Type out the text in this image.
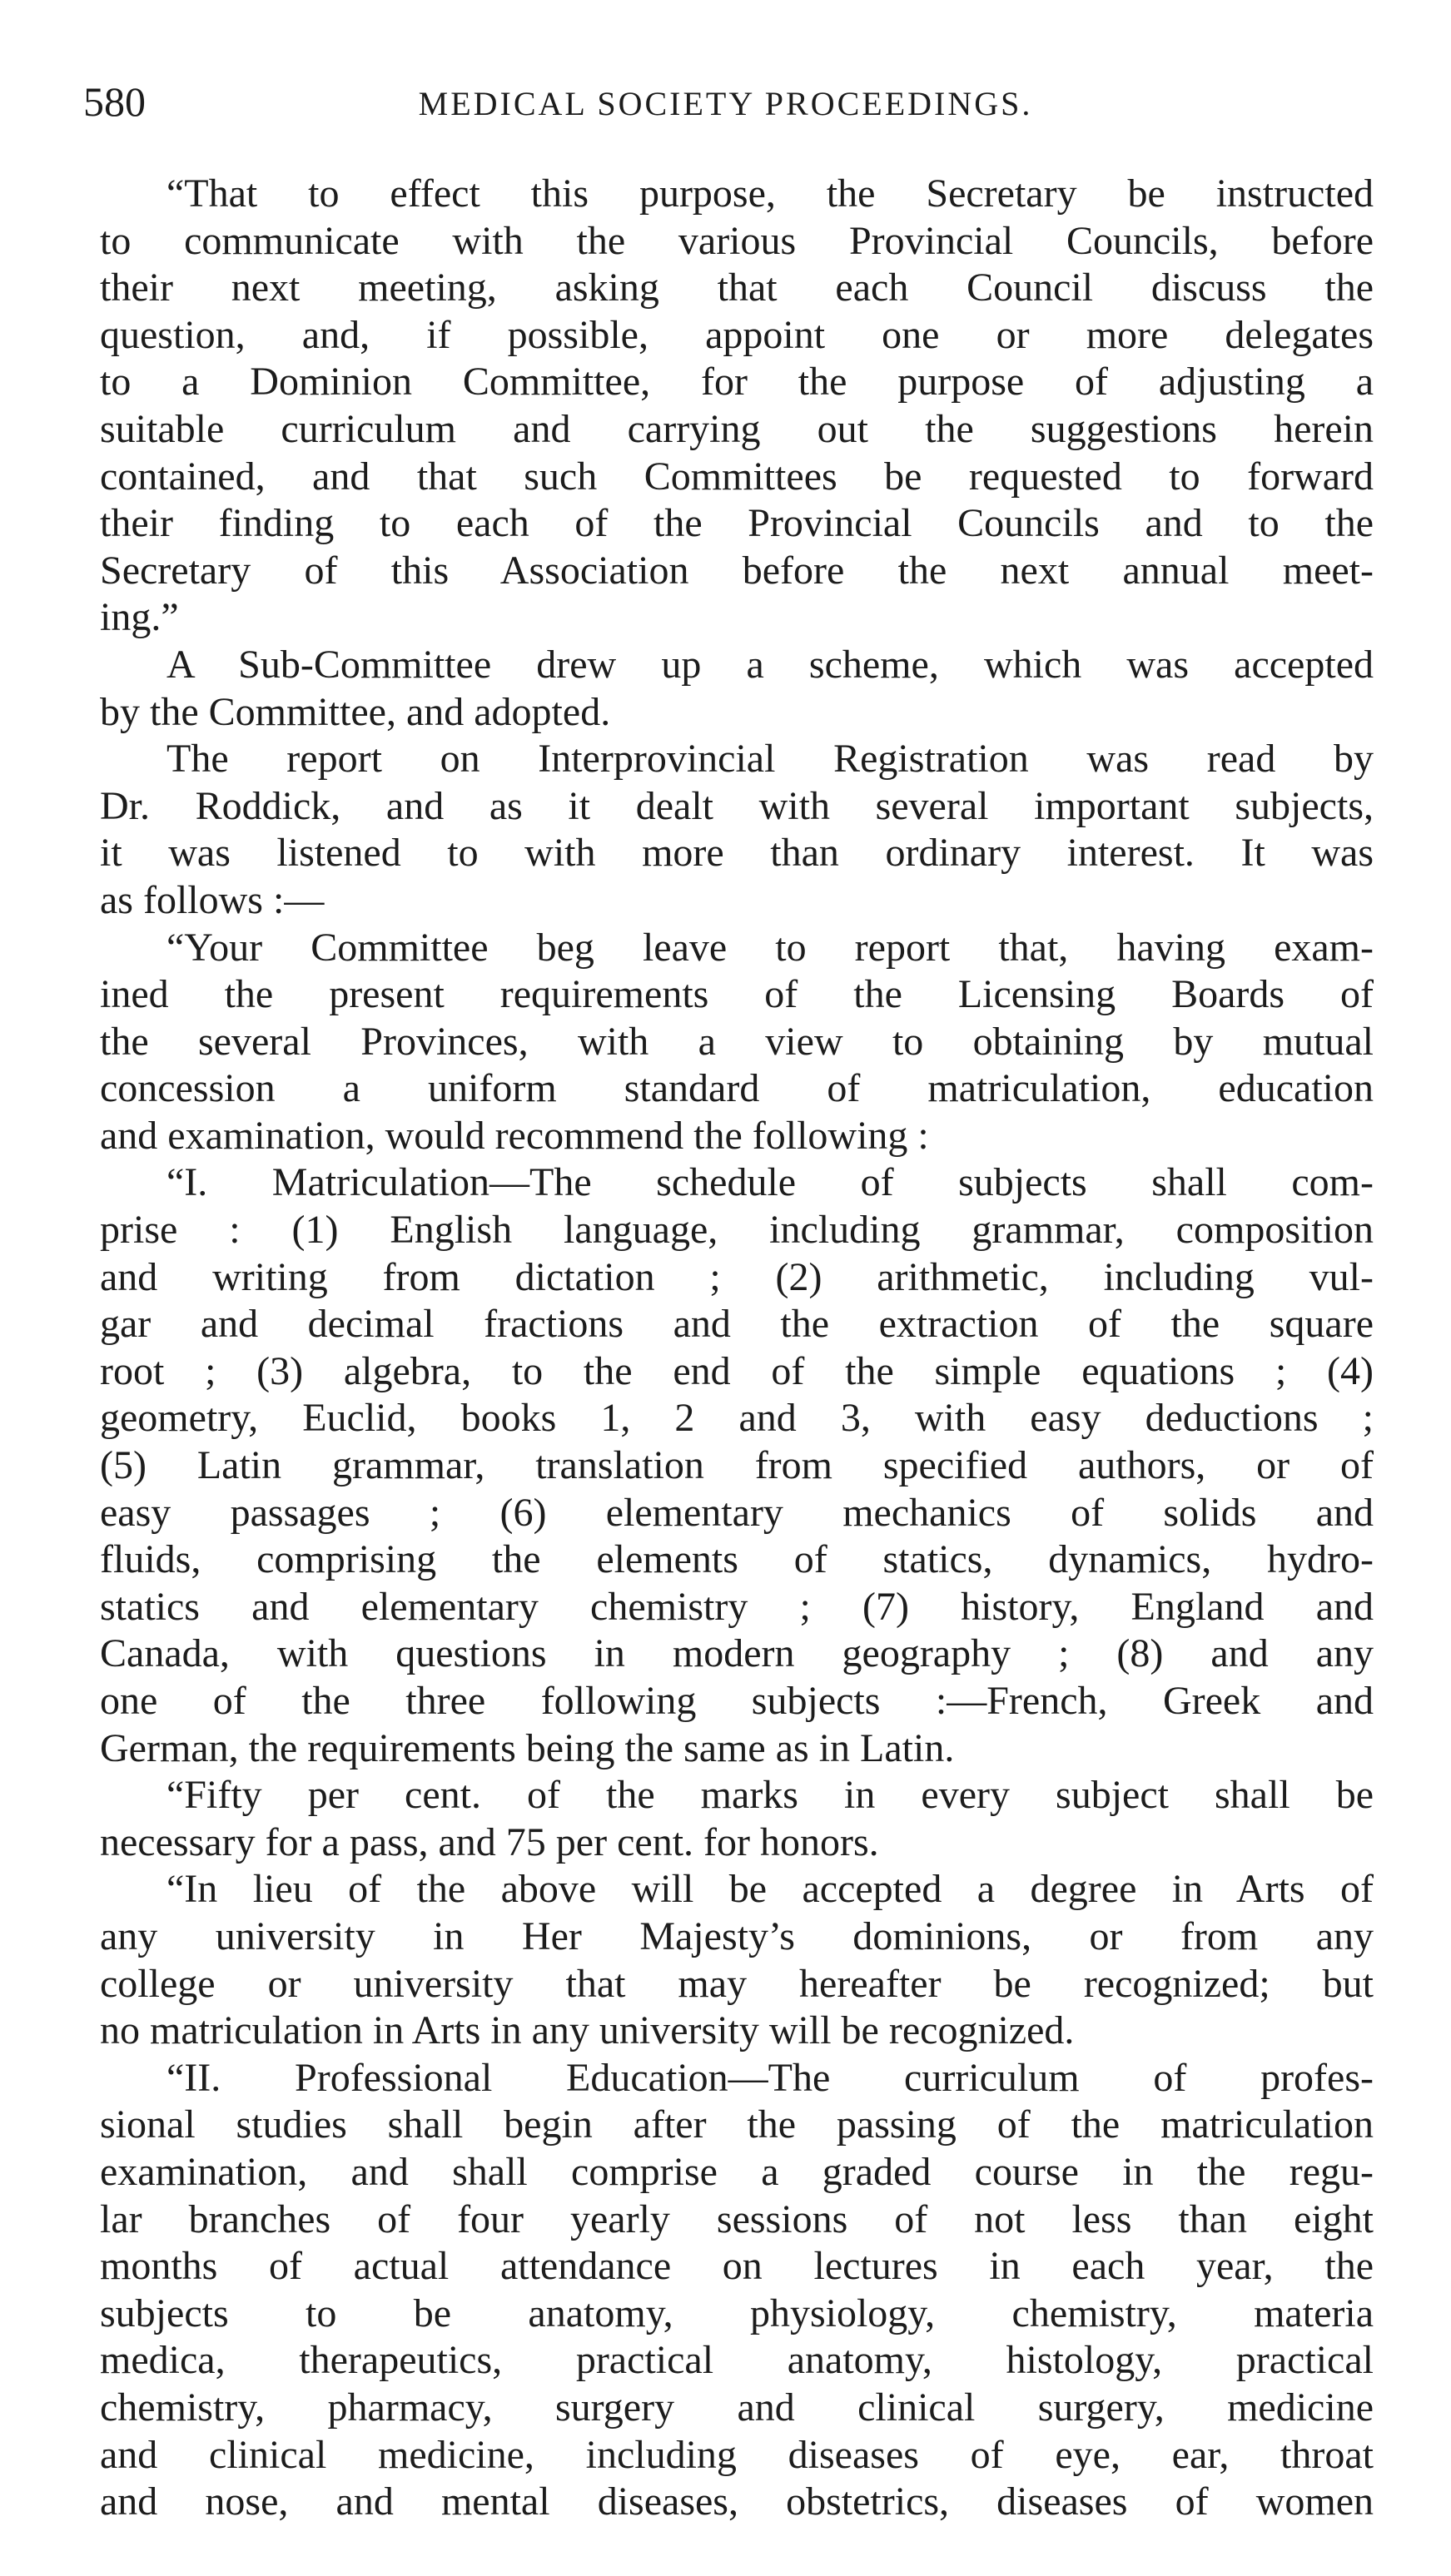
580	MEDICAL SOCIETY PROCEEDINGS.
“That to effect this purpose, the Secretary be instructed
to communicate with the various Provincial Councils, before
their next meeting, asking that each Council discuss the
question, and, if possible, appoint one or more delegates
to a Dominion Committee, for the purpose of adjusting a
suitable curriculum and carrying out the suggestions herein
contained, and that such Committees be requested to forward
their finding to each of the Provincial Councils and to the
Secretary of this Association before the next annual meet-
ing.”
A Sub-Committee drew up a scheme, which was accepted
by the Committee, and adopted.
The report on Interprovincial Registration was read by
Dr. Roddick, and as it dealt with several important subjects,
it was listened to with more than ordinary interest. It was
as follows :—
“Your Committee beg leave to report that, having exam-
ined the present requirements of the Licensing Boards of
the several Provinces, with a view to obtaining by mutual
concession a uniform standard of matriculation, education
and examination, would recommend the following :
“I. Matriculation—The schedule of subjects shall com-
prise : (1) English language, including grammar, composition
and writing from dictation ; (2) arithmetic, including vul-
gar and decimal fractions and the extraction of the square
root ; (3) algebra, to the end of the simple equations ; (4)
geometry, Euclid, books 1, 2 and 3, with easy deductions ;
(5) Latin grammar, translation from specified authors, or of
easy passages ; (6) elementary mechanics of solids and
fluids, comprising the elements of statics, dynamics, hydro-
statics and elementary chemistry ; (7) history, England and
Canada, with questions in modern geography ; (8) and any
one of the three following subjects :—French, Greek and
German, the requirements being the same as in Latin.
“Fifty per cent. of the marks in every subject shall be
necessary for a pass, and 75 per cent. for honors.
“In lieu of the above will be accepted a degree in Arts of
any university in Her Majesty’s dominions, or from any
college or university that may hereafter be recognized; but
no matriculation in Arts in any university will be recognized.
“II. Professional Education—The curriculum of profes-
sional studies shall begin after the passing of the matriculation
examination, and shall comprise a graded course in the regu-
lar branches of four yearly sessions of not less than eight
months of actual attendance on lectures in each year, the
subjects to be anatomy, physiology, chemistry, materia
medica, therapeutics, practical anatomy, histology, practical
chemistry, pharmacy, surgery and clinical surgery, medicine
and clinical medicine, including diseases of eye, ear, throat
and nose, and mental diseases, obstetrics, diseases of women
